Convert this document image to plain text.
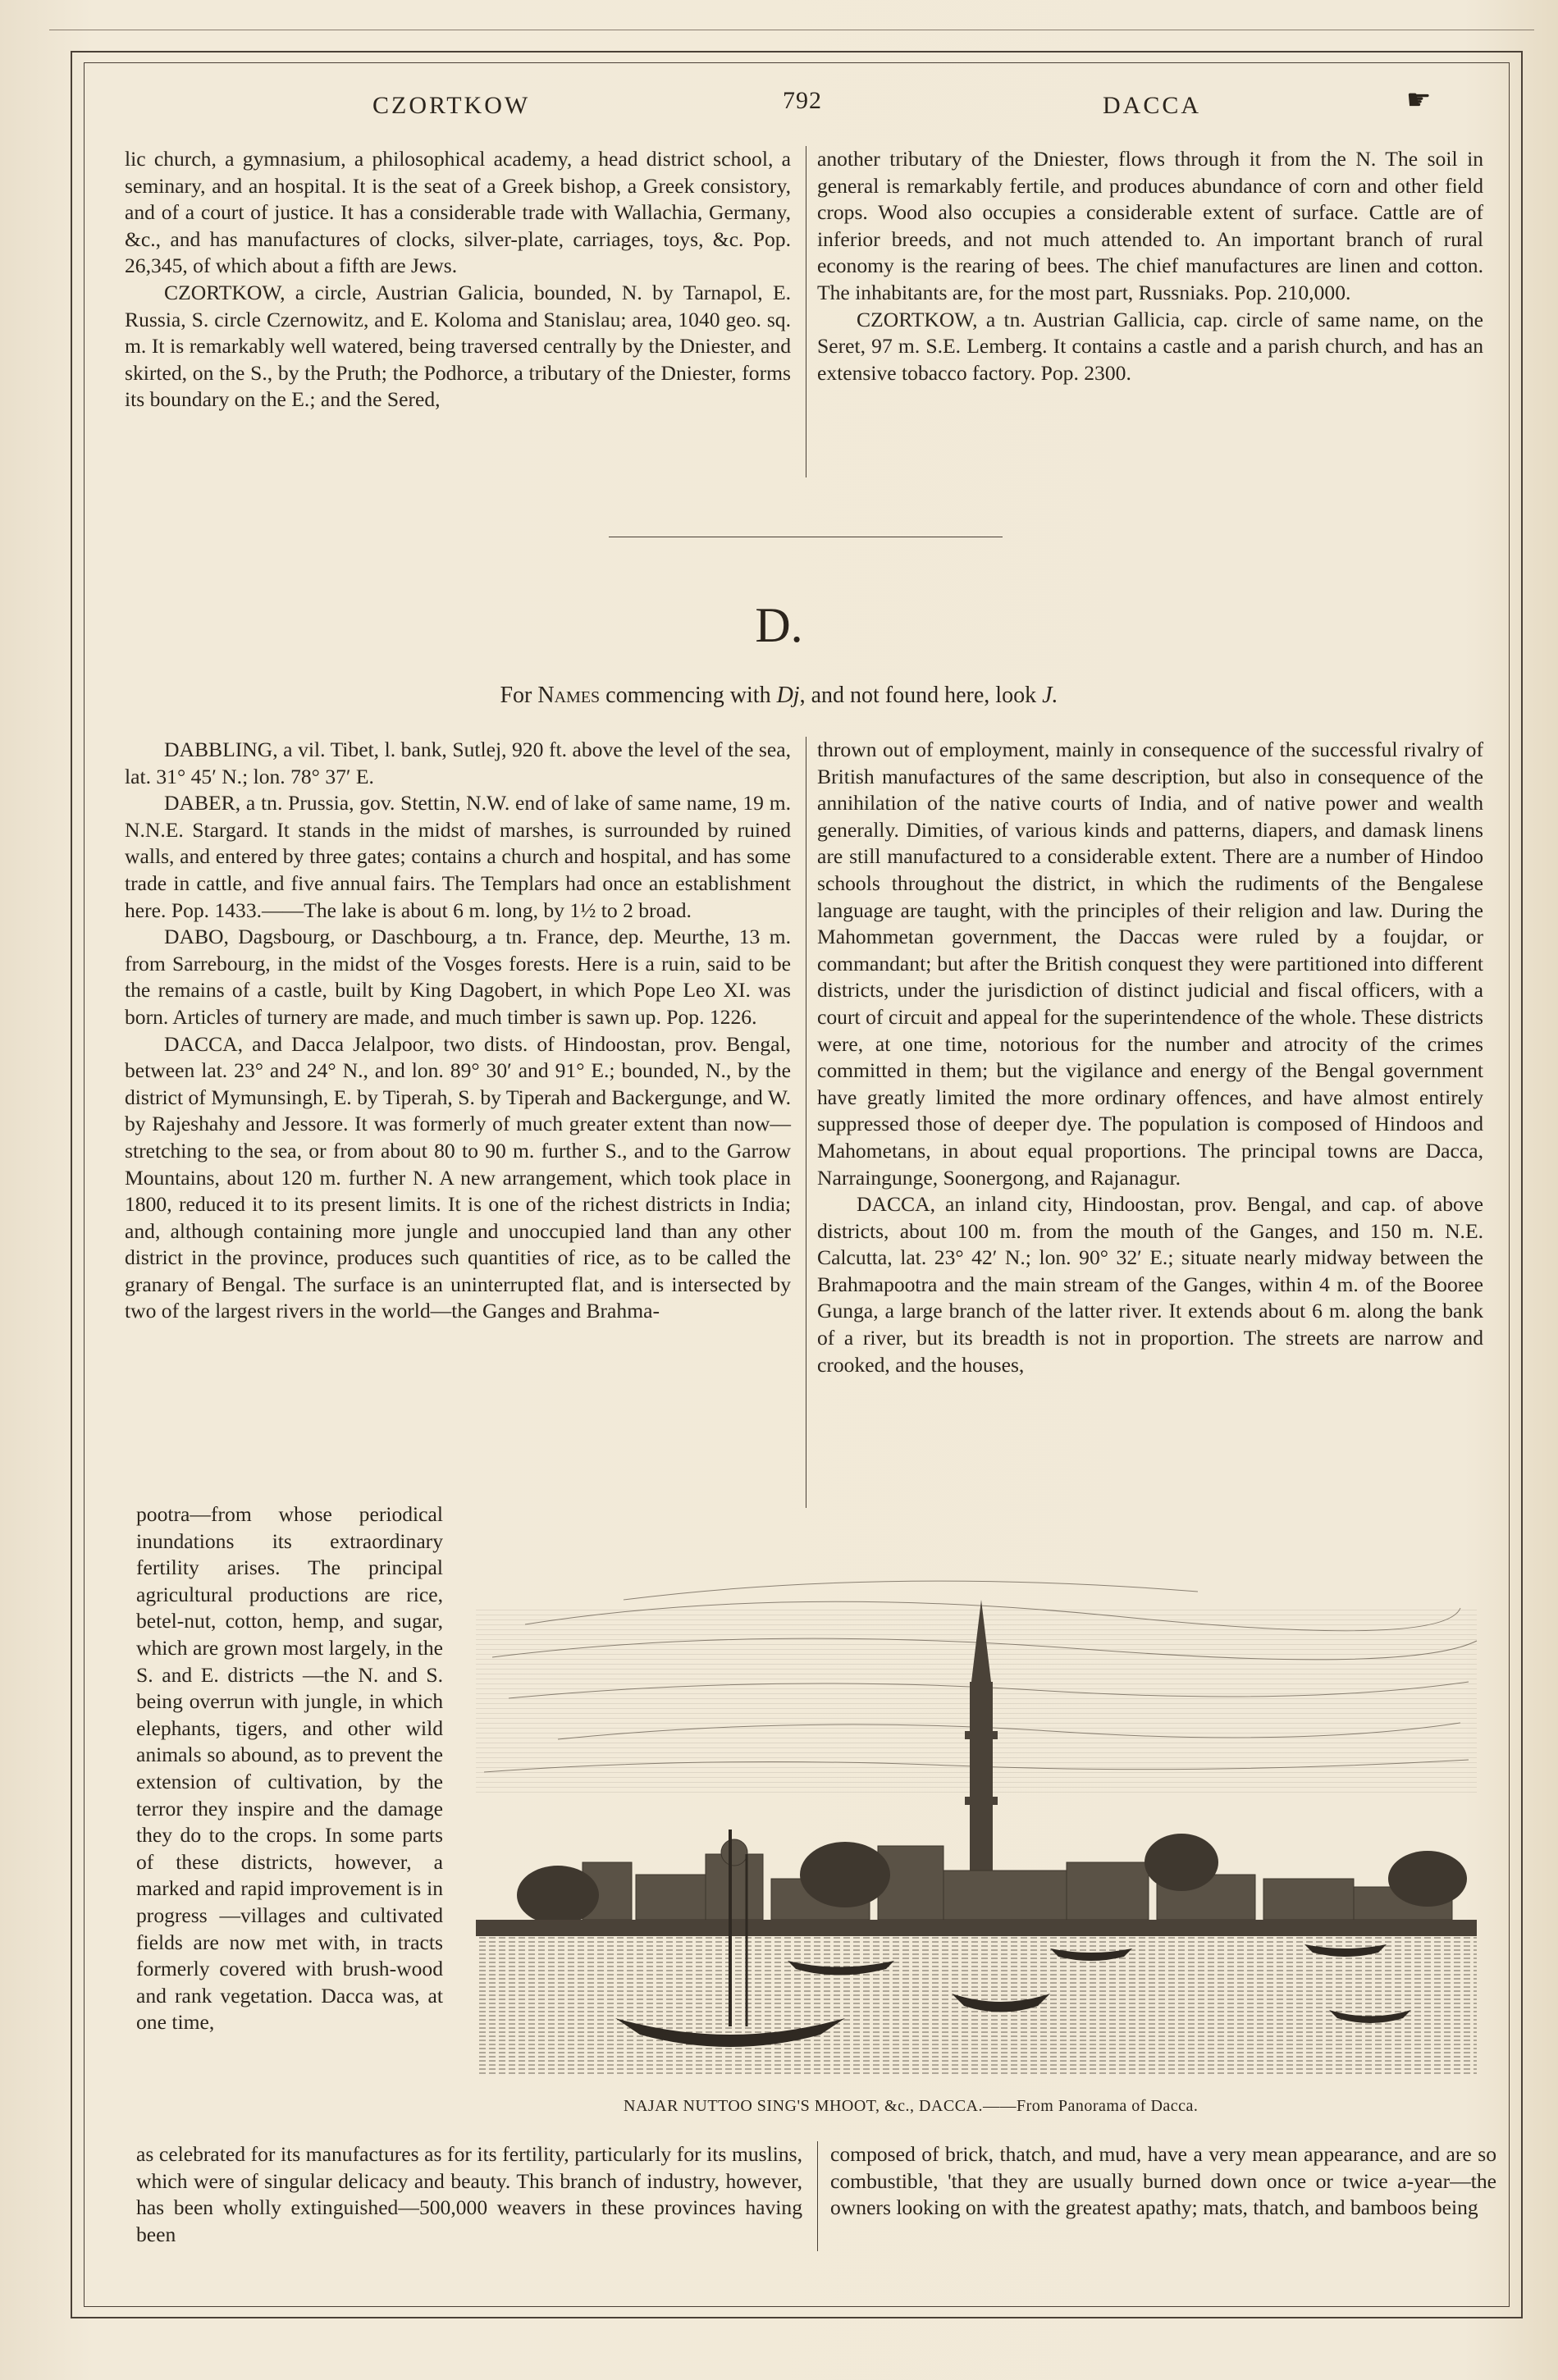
CZORTKOW	792	DACCA	☛

lic church, a gymnasium, a philosophical academy, a head district school, a seminary, and an hospital. It is the seat of a Greek bishop, a Greek consistory, and of a court of justice. It has a considerable trade with Wallachia, Germany, &c., and has manufactures of clocks, silver-plate, carriages, toys, &c. Pop. 26,345, of which about a fifth are Jews.

CZORTKOW, a circle, Austrian Galicia, bounded, N. by Tarnapol, E. Russia, S. circle Czernowitz, and E. Koloma and Stanislau; area, 1040 geo. sq. m. It is remarkably well watered, being traversed centrally by the Dniester, and skirted, on the S., by the Pruth; the Podhorce, a tributary of the Dniester, forms its boundary on the E.; and the Sered,

another tributary of the Dniester, flows through it from the N. The soil in general is remarkably fertile, and produces abundance of corn and other field crops. Wood also occupies a considerable extent of surface. Cattle are of inferior breeds, and not much attended to. An important branch of rural economy is the rearing of bees. The chief manufactures are linen and cotton. The inhabitants are, for the most part, Russniaks. Pop. 210,000.

CZORTKOW, a tn. Austrian Gallicia, cap. circle of same name, on the Seret, 97 m. S.E. Lemberg. It contains a castle and a parish church, and has an extensive tobacco factory. Pop. 2300.

D.
For Names commencing with Dj, and not found here, look J.

DABBLING, a vil. Tibet, l. bank, Sutlej, 920 ft. above the level of the sea, lat. 31° 45′ N.; lon. 78° 37′ E.

DABER, a tn. Prussia, gov. Stettin, N.W. end of lake of same name, 19 m. N.N.E. Stargard. It stands in the midst of marshes, is surrounded by ruined walls, and entered by three gates; contains a church and hospital, and has some trade in cattle, and five annual fairs. The Templars had once an establishment here. Pop. 1433.——The lake is about 6 m. long, by 1½ to 2 broad.

DABO, Dagsbourg, or Daschbourg, a tn. France, dep. Meurthe, 13 m. from Sarrebourg, in the midst of the Vosges forests. Here is a ruin, said to be the remains of a castle, built by King Dagobert, in which Pope Leo XI. was born. Articles of turnery are made, and much timber is sawn up. Pop. 1226.

DACCA, and Dacca Jelalpoor, two dists. of Hindoostan, prov. Bengal, between lat. 23° and 24° N., and lon. 89° 30′ and 91° E.; bounded, N., by the district of Mymunsingh, E. by Tiperah, S. by Tiperah and Backergunge, and W. by Rajeshahy and Jessore. It was formerly of much greater extent than now—stretching to the sea, or from about 80 to 90 m. further S., and to the Garrow Mountains, about 120 m. further N. A new arrangement, which took place in 1800, reduced it to its present limits. It is one of the richest districts in India; and, although containing more jungle and unoccupied land than any other district in the province, produces such quantities of rice, as to be called the granary of Bengal. The surface is an uninterrupted flat, and is intersected by two of the largest rivers in the world—the Ganges and Brahma-

pootra—from whose periodical inundations its extraordinary fertility arises. The principal agricultural productions are rice, betel-nut, cotton, hemp, and sugar, which are grown most largely, in the S. and E. districts —the N. and S. being overrun with jungle, in which elephants, tigers, and other wild animals so abound, as to prevent the extension of cultivation, by the terror they inspire and the damage they do to the crops. In some parts of these districts, however, a marked and rapid improvement is in progress —villages and cultivated fields are now met with, in tracts formerly covered with brush-wood and rank vegetation. Dacca was, at one time,

thrown out of employment, mainly in consequence of the successful rivalry of British manufactures of the same description, but also in consequence of the annihilation of the native courts of India, and of native power and wealth generally. Dimities, of various kinds and patterns, diapers, and damask linens are still manufactured to a considerable extent. There are a number of Hindoo schools throughout the district, in which the rudiments of the Bengalese language are taught, with the principles of their religion and law. During the Mahommetan government, the Daccas were ruled by a foujdar, or commandant; but after the British conquest they were partitioned into different districts, under the jurisdiction of distinct judicial and fiscal officers, with a court of circuit and appeal for the superintendence of the whole. These districts were, at one time, notorious for the number and atrocity of the crimes committed in them; but the vigilance and energy of the Bengal government have greatly limited the more ordinary offences, and have almost entirely suppressed those of deeper dye. The population is composed of Hindoos and Mahometans, in about equal proportions. The principal towns are Dacca, Narraingunge, Soonergong, and Rajanagur.

DACCA, an inland city, Hindoostan, prov. Bengal, and cap. of above districts, about 100 m. from the mouth of the Ganges, and 150 m. N.E. Calcutta, lat. 23° 42′ N.; lon. 90° 32′ E.; situate nearly midway between the Brahmapootra and the main stream of the Ganges, within 4 m. of the Booree Gunga, a large branch of the latter river. It extends about 6 m. along the bank of a river, but its breadth is not in proportion. The streets are narrow and crooked, and the houses,

NAJAR NUTTOO SING'S MHOOT, &c., DACCA.——From Panorama of Dacca.

as celebrated for its manufactures as for its fertility, particularly for its muslins, which were of singular delicacy and beauty. This branch of industry, however, has been wholly extinguished—500,000 weavers in these provinces having been

composed of brick, thatch, and mud, have a very mean appearance, and are so combustible, 'that they are usually burned down once or twice a-year—the owners looking on with the greatest apathy; mats, thatch, and bamboos being
